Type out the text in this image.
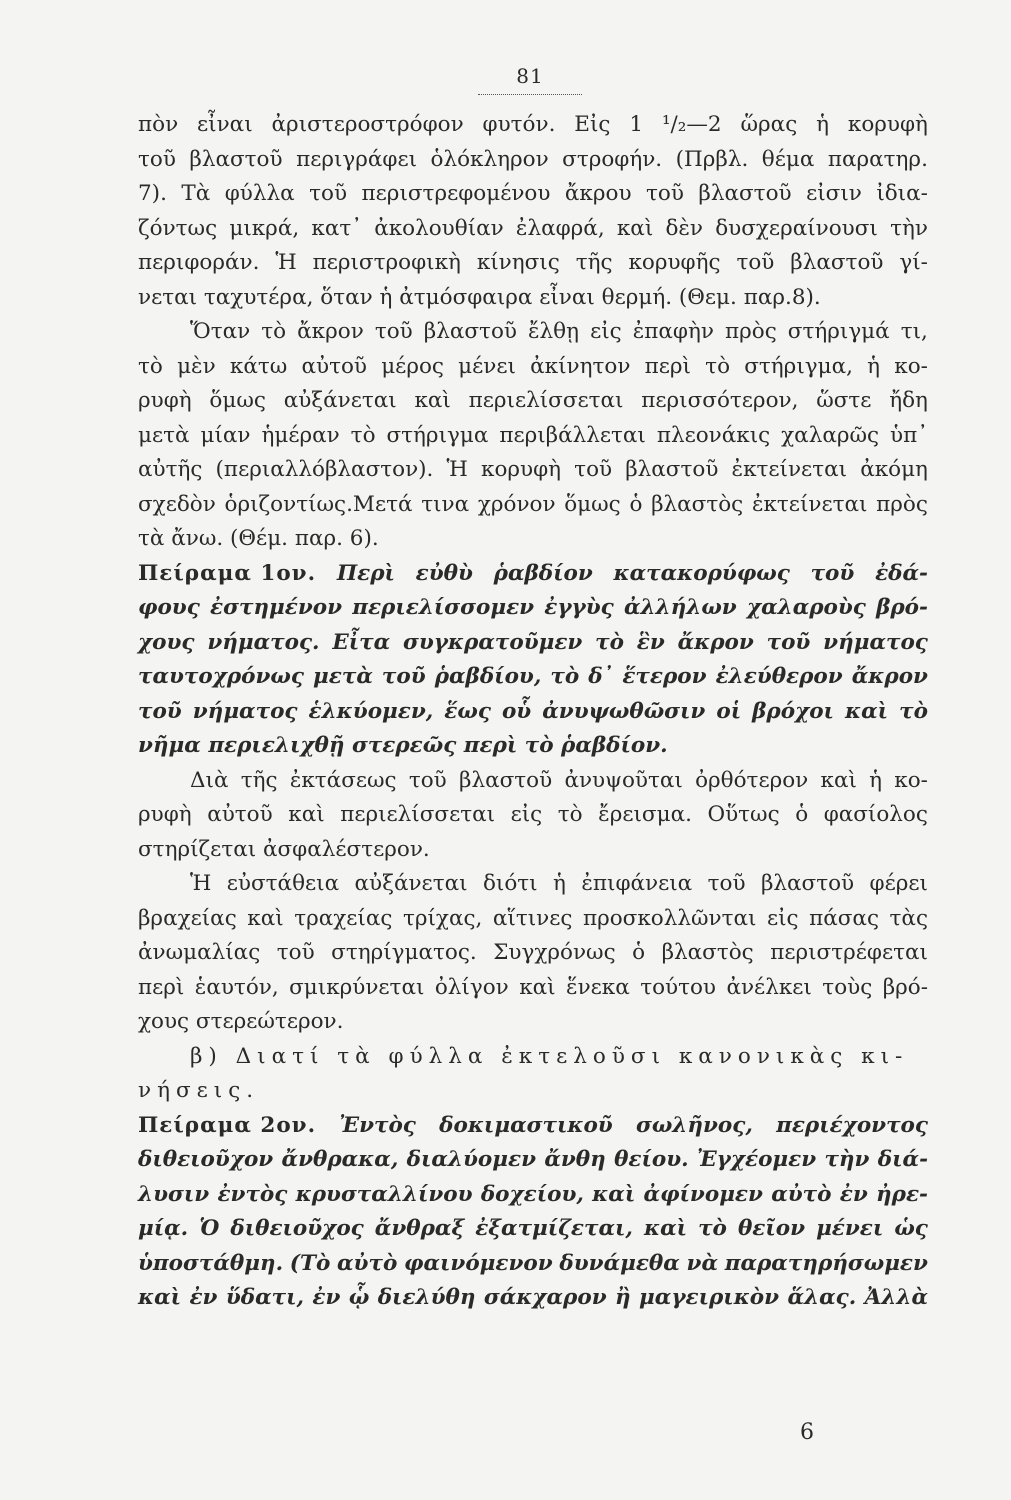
81
πὸν εἶναι ἀριστεροστρόφον φυτόν. Εἰς 1 ¹/₂—2 ὥρας ἡ κορυφὴ
τοῦ βλαστοῦ περιγράφει ὁλόκληρον στροφήν. (Πρβλ. θέμα παρατηρ.
7). Τὰ φύλλα τοῦ περιστρεφομένου ἄκρου τοῦ βλαστοῦ εἰσιν ἰδια-
ζόντως μικρά, κατ᾽ ἀκολουθίαν ἐλαφρά, καὶ δὲν δυσχεραίνουσι τὴν
περιφοράν. Ἡ περιστροφικὴ κίνησις τῆς κορυφῆς τοῦ βλαστοῦ γί-
νεται ταχυτέρα, ὅταν ἡ ἀτμόσφαιρα εἶναι θερμή. (Θεμ. παρ.8).
Ὅταν τὸ ἄκρον τοῦ βλαστοῦ ἔλθῃ εἰς ἐπαφὴν πρὸς στήριγμά τι,
τὸ μὲν κάτω αὐτοῦ μέρος μένει ἀκίνητον περὶ τὸ στήριγμα, ἡ κο-
ρυφὴ ὅμως αὐξάνεται καὶ περιελίσσεται περισσότερον, ὥστε ἤδη
μετὰ μίαν ἡμέραν τὸ στήριγμα περιβάλλεται πλεονάκις χαλαρῶς ὑπ᾽
αὐτῆς (περιαλλόβλαστον). Ἡ κορυφὴ τοῦ βλαστοῦ ἐκτείνεται ἀκόμη
σχεδὸν ὁριζοντίως.Μετά τινα χρόνον ὅμως ὁ βλαστὸς ἐκτείνεται πρὸς
τὰ ἄνω. (Θέμ. παρ. 6).
Πείραμα 1ον. Περὶ εὐθὺ ῥαβδίον κατακορύφως τοῦ ἐδά-
φους ἐστημένον περιελίσσομεν ἐγγὺς ἀλλήλων χαλαροὺς βρό-
χους νήματος. Εἶτα συγκρατοῦμεν τὸ ἓν ἄκρον τοῦ νήματος
ταυτοχρόνως μετὰ τοῦ ῥαβδίου, τὸ δ᾽ ἕτερον ἐλεύθερον ἄκρον
τοῦ νήματος ἑλκύομεν, ἕως οὗ ἀνυψωθῶσιν οἱ βρόχοι καὶ τὸ
νῆμα περιελιχθῇ στερεῶς περὶ τὸ ῥαβδίον.
Διὰ τῆς ἐκτάσεως τοῦ βλαστοῦ ἀνυψοῦται ὀρθότερον καὶ ἡ κο-
ρυφὴ αὐτοῦ καὶ περιελίσσεται εἰς τὸ ἔρεισμα. Οὕτως ὁ φασίολος
στηρίζεται ἀσφαλέστερον.
Ἡ εὐστάθεια αὐξάνεται διότι ἡ ἐπιφάνεια τοῦ βλαστοῦ φέρει
βραχείας καὶ τραχείας τρίχας, αἵτινες προσκολλῶνται εἰς πάσας τὰς
ἀνωμαλίας τοῦ στηρίγματος. Συγχρόνως ὁ βλαστὸς περιστρέφεται
περὶ ἑαυτόν, σμικρύνεται ὀλίγον καὶ ἕνεκα τούτου ἀνέλκει τοὺς βρό-
χους στερεώτερον.
β) Διατί τὰ φύλλα ἐκτελοῦσι κανονικὰς κι-
νήσεις.
Πείραμα 2ον. Ἐντὸς δοκιμαστικοῦ σωλῆνος, περιέχοντος
διθειοῦχον ἄνθρακα, διαλύομεν ἄνθη θείου. Ἐγχέομεν τὴν διά-
λυσιν ἐντὸς κρυσταλλίνου δοχείου, καὶ ἀφίνομεν αὐτὸ ἐν ἠρε-
μίᾳ. Ὁ διθειοῦχος ἄνθραξ ἐξατμίζεται, καὶ τὸ θεῖον μένει ὡς
ὑποστάθμη. (Τὸ αὐτὸ φαινόμενον δυνάμεθα νὰ παρατηρήσωμεν
καὶ ἐν ὕδατι, ἐν ᾧ διελύθη σάκχαρον ἢ μαγειρικὸν ἅλας. Ἀλλὰ
6
